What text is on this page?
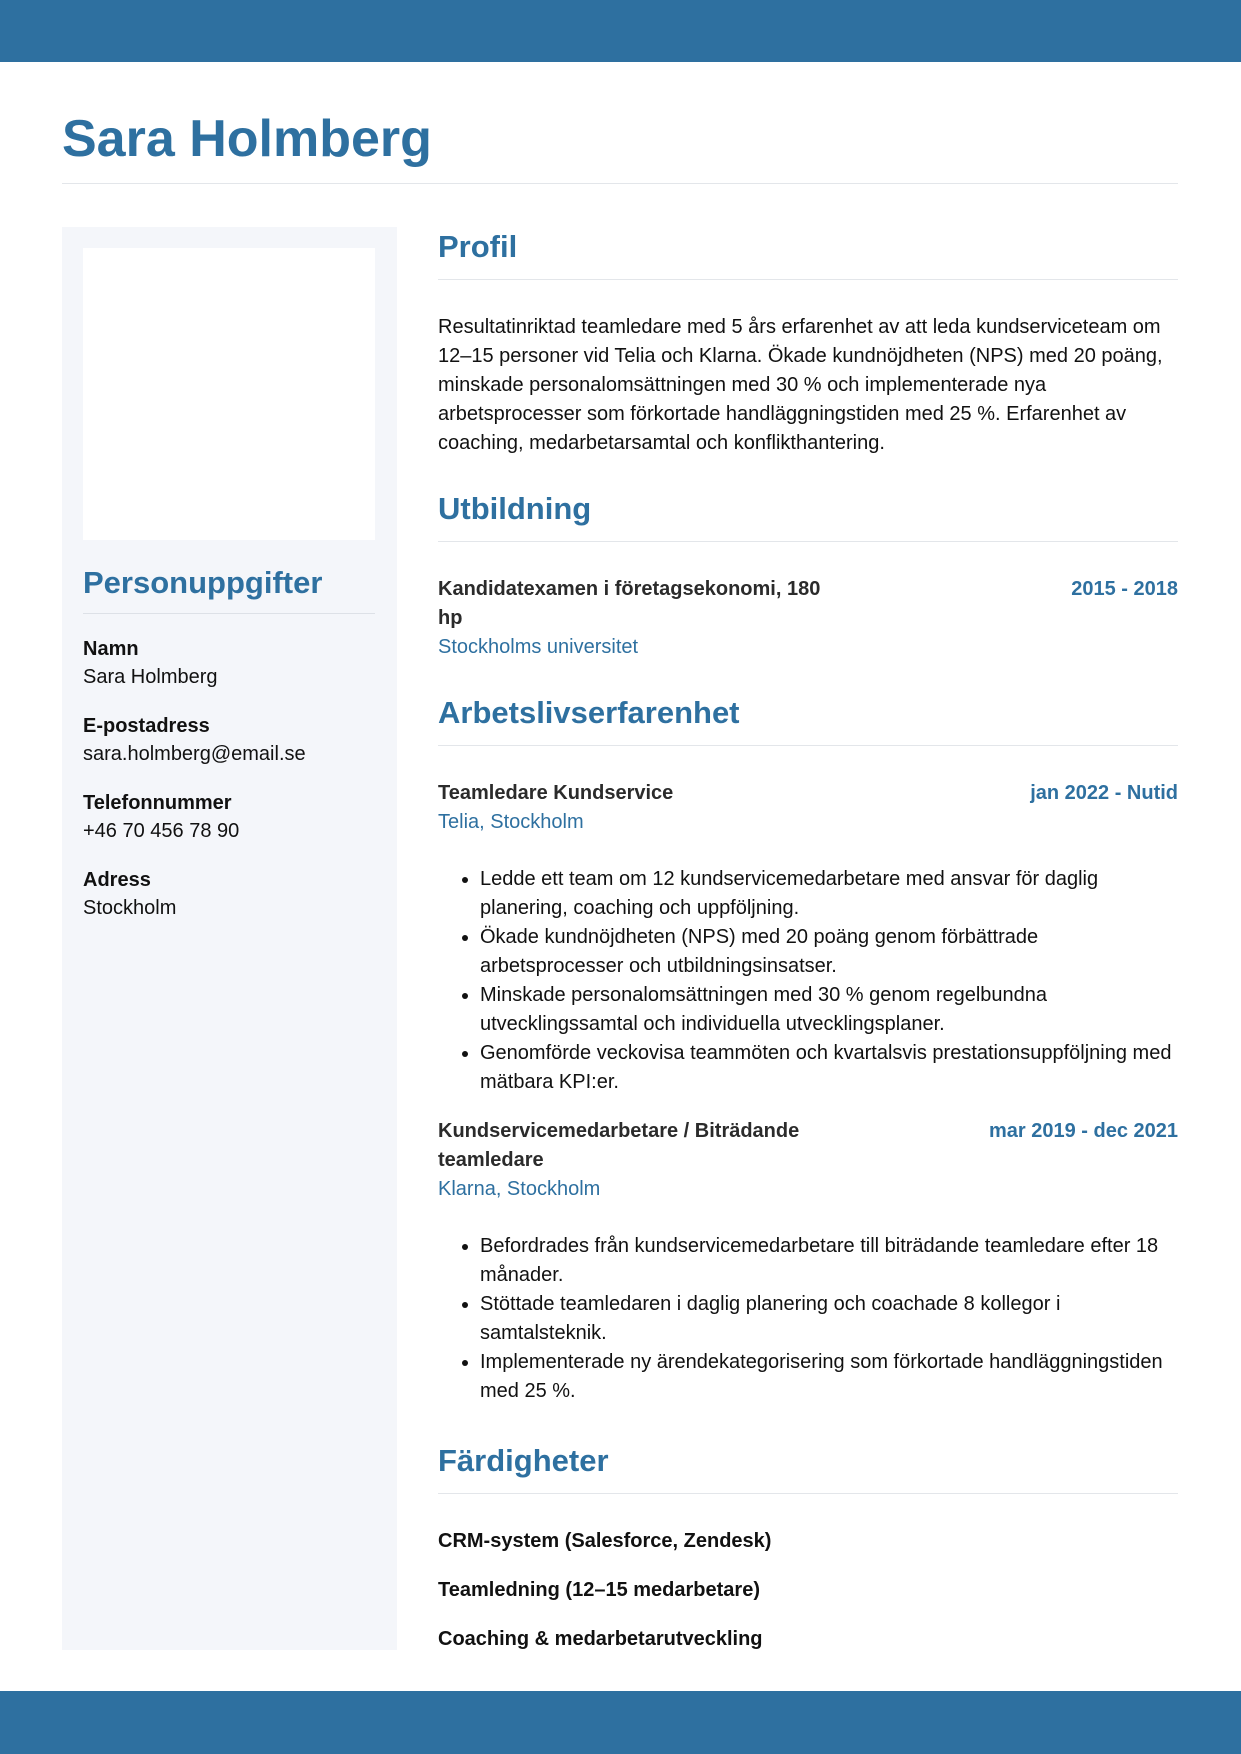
Sara Holmberg
Personuppgifter
Namn
Sara Holmberg
E-postadress
sara.holmberg@email.se
Telefonnummer
+46 70 456 78 90
Adress
Stockholm
Profil

Resultatinriktad teamledare med 5 års erfarenhet av att leda kundserviceteam om 12–15 personer vid Telia och Klarna. Ökade kundnöjdheten (NPS) med 20 poäng, minskade personalomsättningen med 30 % och implementerade nya arbetsprocesser som förkortade handläggningstiden med 25 %. Erfarenhet av coaching, medarbetarsamtal och konflikthantering.

Utbildning
Kandidatexamen i företagsekonomi, 180 hp
2015 - 2018
Stockholms universitet
Arbetslivserfarenhet
Teamledare Kundservice	jan 2022 - Nutid
Telia, Stockholm
• Ledde ett team om 12 kundservicemedarbetare med ansvar för daglig planering, coaching och uppföljning.
• Ökade kundnöjdheten (NPS) med 20 poäng genom förbättrade arbetsprocesser och utbildningsinsatser.
• Minskade personalomsättningen med 30 % genom regelbundna utvecklingssamtal och individuella utvecklingsplaner.
• Genomförde veckovisa teammöten och kvartalsvis prestationsuppföljning med mätbara KPI:er.
Kundservicemedarbetare / Biträdande teamledare
mar 2019 - dec 2021
Klarna, Stockholm
• Befordrades från kundservicemedarbetare till biträdande teamledare efter 18 månader.
• Stöttade teamledaren i daglig planering och coachade 8 kollegor i samtalsteknik.
• Implementerade ny ärendekategorisering som förkortade handläggningstiden med 25 %.
Färdigheter
CRM-system (Salesforce, Zendesk)
Teamledning (12–15 medarbetare)
Coaching & medarbetarutveckling
